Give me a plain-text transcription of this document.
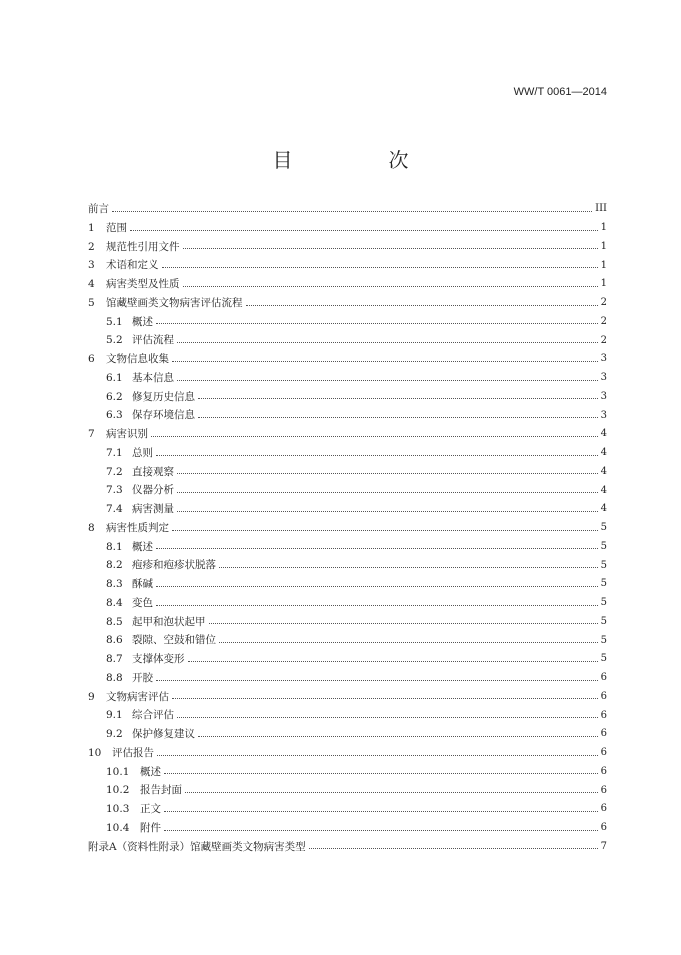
WW/T 0061—2014
目　次
前言	III
1	范围	1
2	规范性引用文件	1
3	术语和定义	1
4	病害类型及性质	1
5	馆藏壁画类文物病害评估流程	2
5.1 概述	2
5.2 评估流程	2
6	文物信息收集	3
6.1 基本信息	3
6.2 修复历史信息	3
6.3 保存环境信息	3
7	病害识别	4
7.1 总则	4
7.2 直接观察	4
7.3 仪器分析	4
7.4 病害测量	4
8	病害性质判定	5
8.1 概述	5
8.2 疱疹和疱疹状脱落	5
8.3 酥碱	5
8.4 变色	5
8.5 起甲和泡状起甲	5
8.6 裂隙、空鼓和错位	5
8.7 支撑体变形	5
8.8 开胶	6
9	文物病害评估	6
9.1 综合评估	6
9.2 保护修复建议	6
10	评估报告	6
10.1	概述	6
10.2	报告封面	6
10.3	正文	6
10.4	附件	6
附录A（资料性附录）馆藏壁画类文物病害类型	7
